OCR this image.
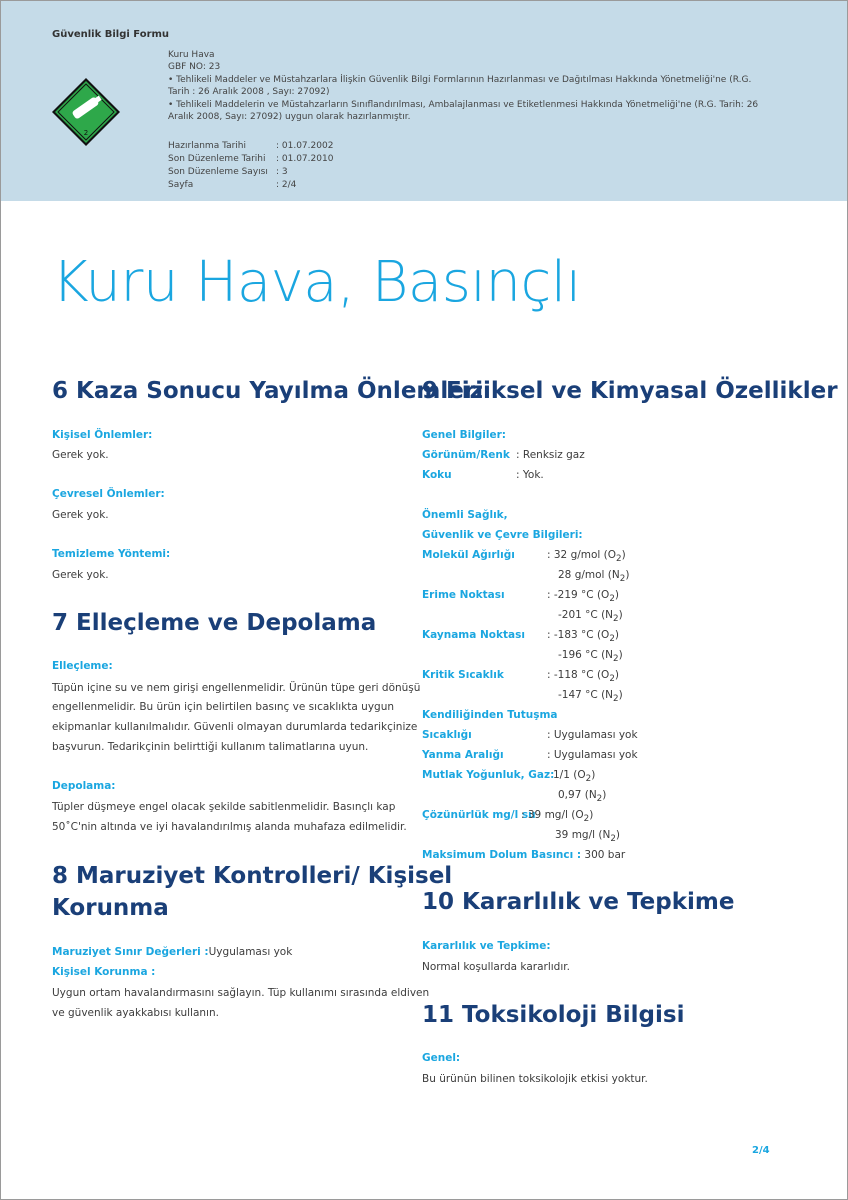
Güvenlik Bilgi Formu
2

Kuru Hava

GBF NO: 23

• Tehlikeli Maddeler ve Müstahzarlara İlişkin Güvenlik Bilgi Formlarının Hazırlanması ve Dağıtılması Hakkında Yönetmeliği'ne (R.G. Tarih : 26 Aralık 2008 , Sayı: 27092)

• Tehlikeli Maddelerin ve Müstahzarların Sınıflandırılması, Ambalajlanması ve Etiketlenmesi Hakkında Yönetmeliği'ne (R.G. Tarih: 26 Aralık 2008, Sayı: 27092) uygun olarak hazırlanmıştır.

Hazırlanma Tarihi	: 01.07.2002
Son Düzenleme Tarihi	: 01.07.2010
Son Düzenleme Sayısı : 3
Sayfa	: 2/4
Kuru Hava, Basınçlı
6 Kaza Sonucu Yayılma Önlemleri
Kişisel Önlemler:
Gerek yok.
Çevresel Önlemler:
Gerek yok.
Temizleme Yöntemi:
Gerek yok.
7 Elleçleme ve Depolama
Elleçleme:
Tüpün içine su ve nem girişi engellenmelidir. Ürünün tüpe geri dönüşü
engellenmelidir. Bu ürün için belirtilen basınç ve sıcaklıkta uygun
ekipmanlar kullanılmalıdır. Güvenli olmayan durumlarda tedarikçinize
başvurun. Tedarikçinin belirttiği kullanım talimatlarına uyun.
Depolama:
Tüpler düşmeye engel olacak şekilde sabitlenmelidir. Basınçlı kap
50˚C'nin altında ve iyi havalandırılmış alanda muhafaza edilmelidir.
8 Maruziyet Kontrolleri/ Kişisel
Korunma
Maruziyet Sınır Değerleri :Uygulaması yok
Kişisel Korunma :
Uygun ortam havalandırmasını sağlayın. Tüp kullanımı sırasında eldiven
ve güvenlik ayakkabısı kullanın.
9 Fiziksel ve Kimyasal Özellikler
Genel Bilgiler:
Görünüm/Renk : Renksiz gaz
Koku	: Yok.
Önemli Sağlık,
Güvenlik ve Çevre Bilgileri:
Molekül Ağırlığı	: 32 g/mol $(O_2)$
28 g/mol $(N_2)$
Erime Noktası	: -219 °C $(O_2)$
-201 °C $(N_2)$
Kaynama Noktası : -183 °C $(O_2)$
-196 °C $(N_2)$
Kritik Sıcaklık	: -118 °C $(O_2)$
-147 °C $(N_2)$
Kendiliğinden Tutuşma
Sıcaklığı	: Uygulaması yok
Yanma Aralığı	: Uygulaması yok
Mutlak Yoğunluk, Gaz:
1/1 $(O_2)$
0,97 $(N_2)$
Çözünürlük mg/l su
: 39 mg/l $(O_2)$
39 mg/l $(N_2)$
Maksimum Dolum Basıncı : 300 bar
10 Kararlılık ve Tepkime
Kararlılık ve Tepkime:
Normal koşullarda kararlıdır.
11 Toksikoloji Bilgisi
Genel:
Bu ürünün bilinen toksikolojik etkisi yoktur.
2/4
